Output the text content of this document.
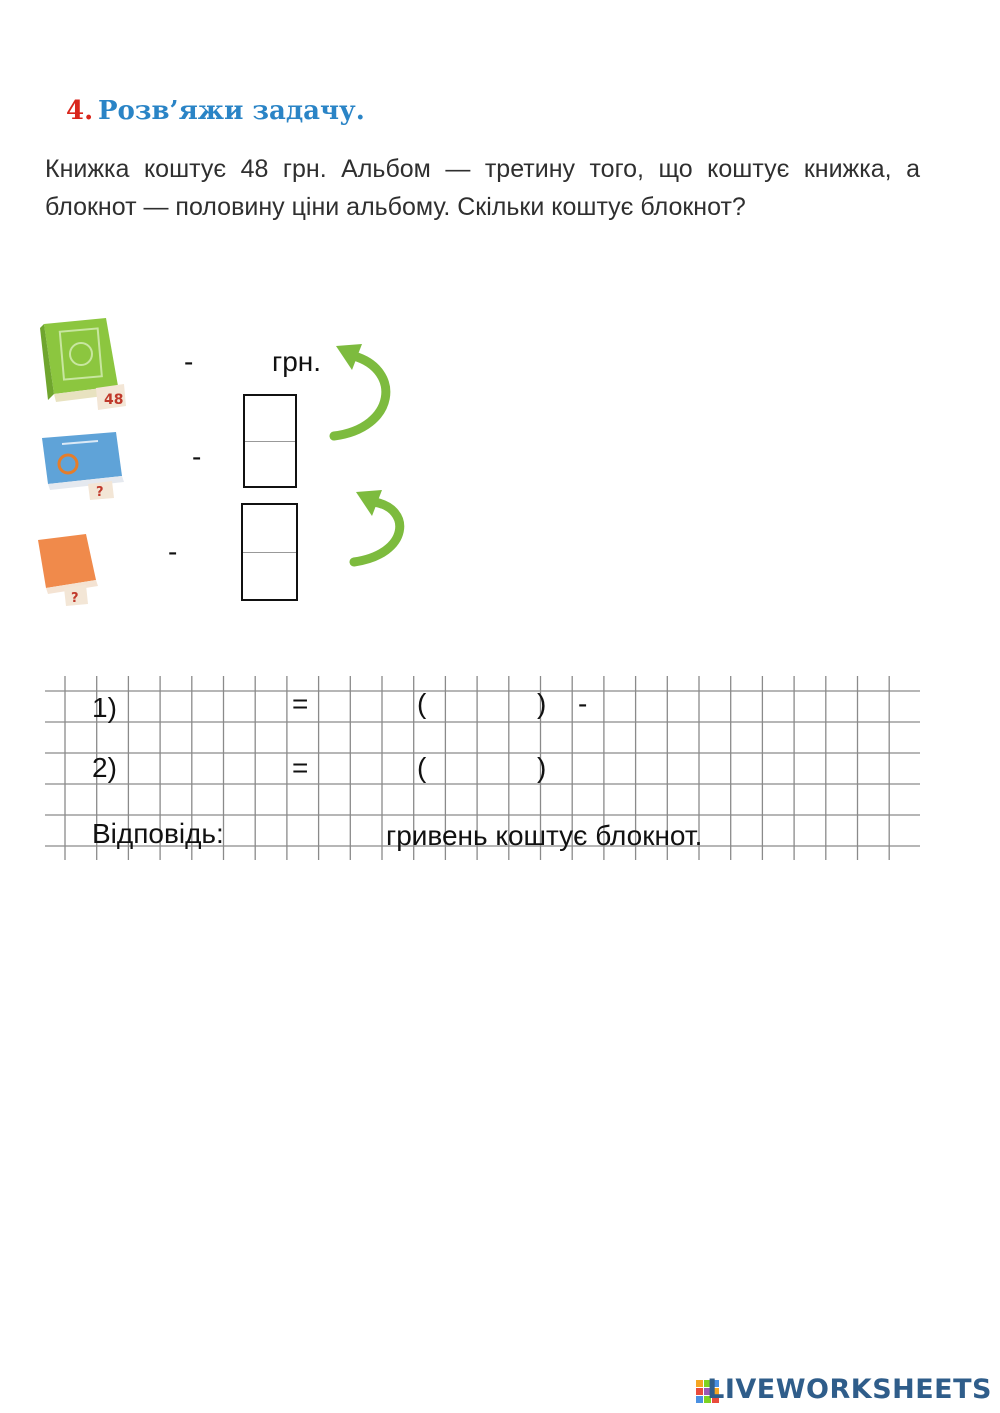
4. Розв’яжи задачу.
Книжка коштує 48 грн. Альбом — третину того, що коштує книжка, а блокнот — половину ціни альбому. Скільки коштує блокнот?
48
?
?
-	грн.
-
-
1)	=	(	) -
2)	=	(	)
Відповідь:	гривень коштує блокнот.
LIVEWORKSHEETS
